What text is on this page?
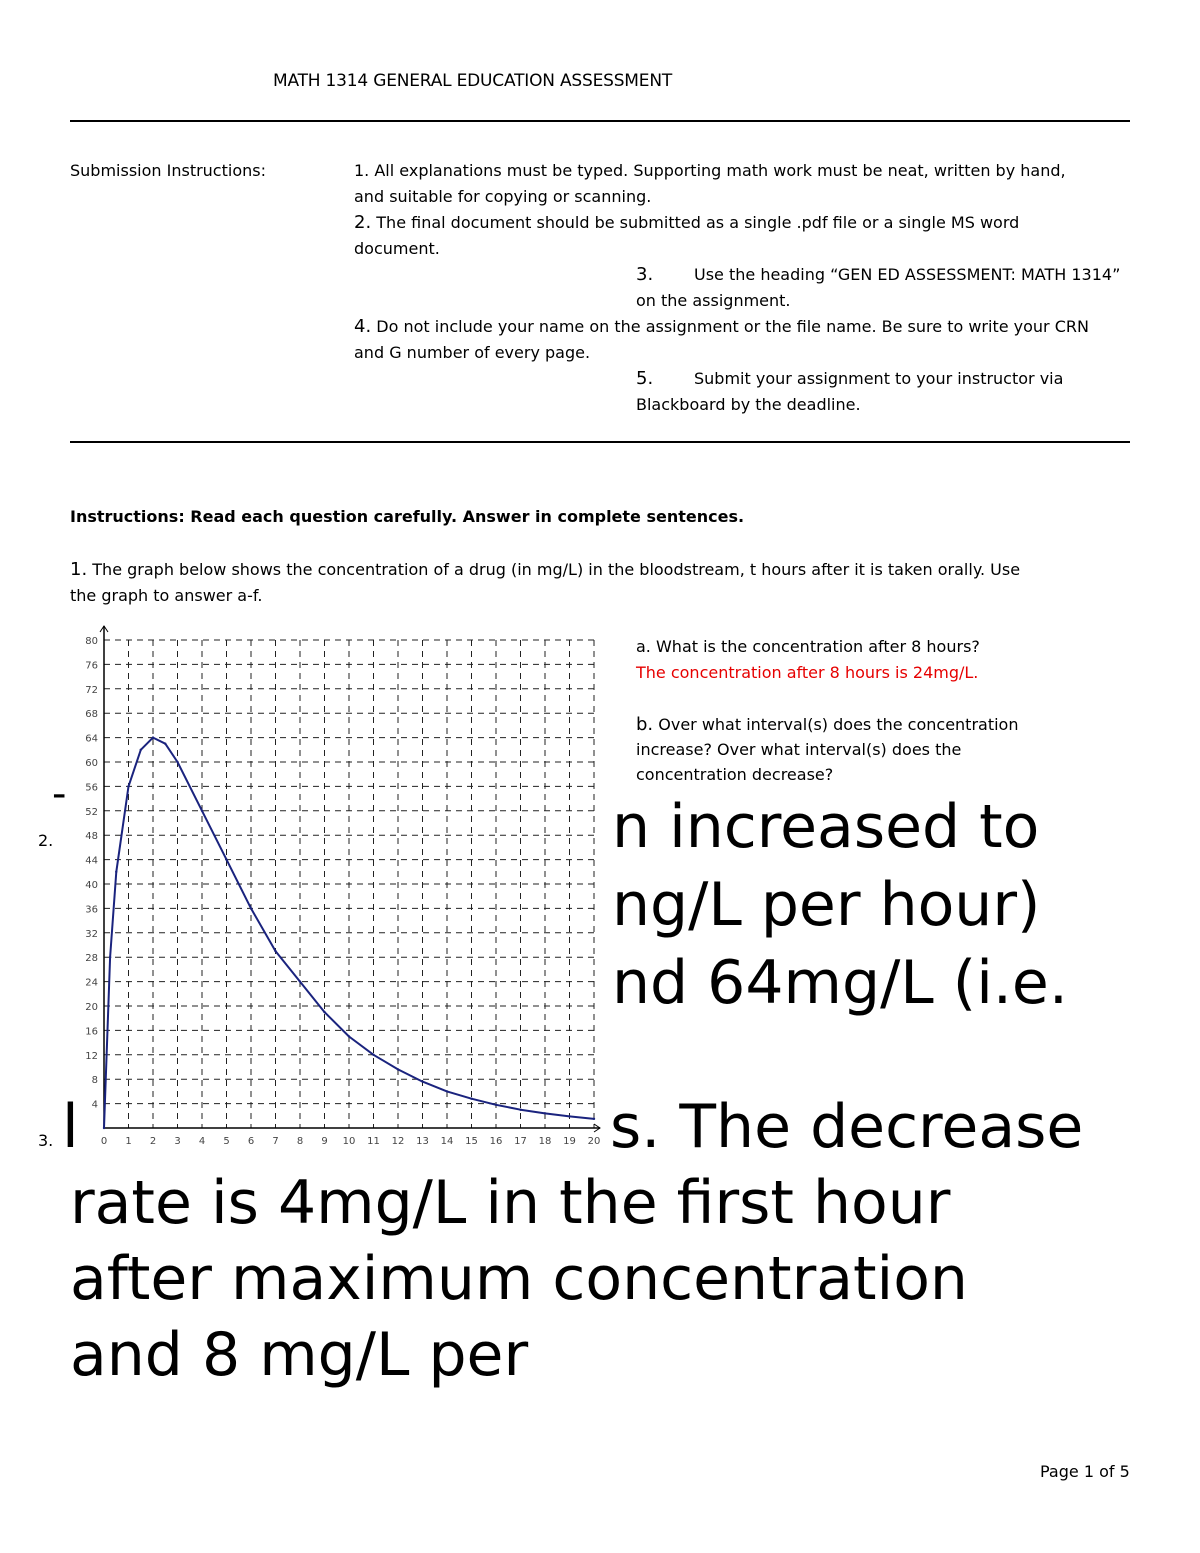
MATH 1314 GENERAL EDUCATION ASSESSMENT
Submission Instructions:	1. All explanations must be typed. Supporting math work must be neat, written by hand,
and suitable for copying or scanning.
2. The final document should be submitted as a single .pdf file or a single MS word
document.
3.	Use the heading “GEN ED ASSESSMENT: MATH 1314”
on the assignment.
4. Do not include your name on the assignment or the file name. Be sure to write your CRN
and G number of every page.
5.	Submit your assignment to your instructor via
Blackboard by the deadline.
Instructions: Read each question carefully. Answer in complete sentences.
1. The graph below shows the concentration of a drug (in mg/L) in the bloodstream, t hours after it is taken orally. Use
the graph to answer a-f.
0 1 2 3 4 5 6 7 8 9 10 11 12 13 14 15 16 17 18 19 20
4
8
12
16
20
24
28
32
36
40
44
48
52
56
60
64
68
72
76
80	a. What is the concentration after 8 hours?
The concentration after 8 hours is 24mg/L.
b. Over what interval(s) does the concentration
increase? Over what interval(s) does the
concentration decrease?
2.
3.
-	n increased to
ng/L per hour)
nd 64mg/L (i.e.
l	s. The decrease
rate is 4mg/L in the first hour
after maximum concentration
and 8 mg/L per
Page 1 of 5
